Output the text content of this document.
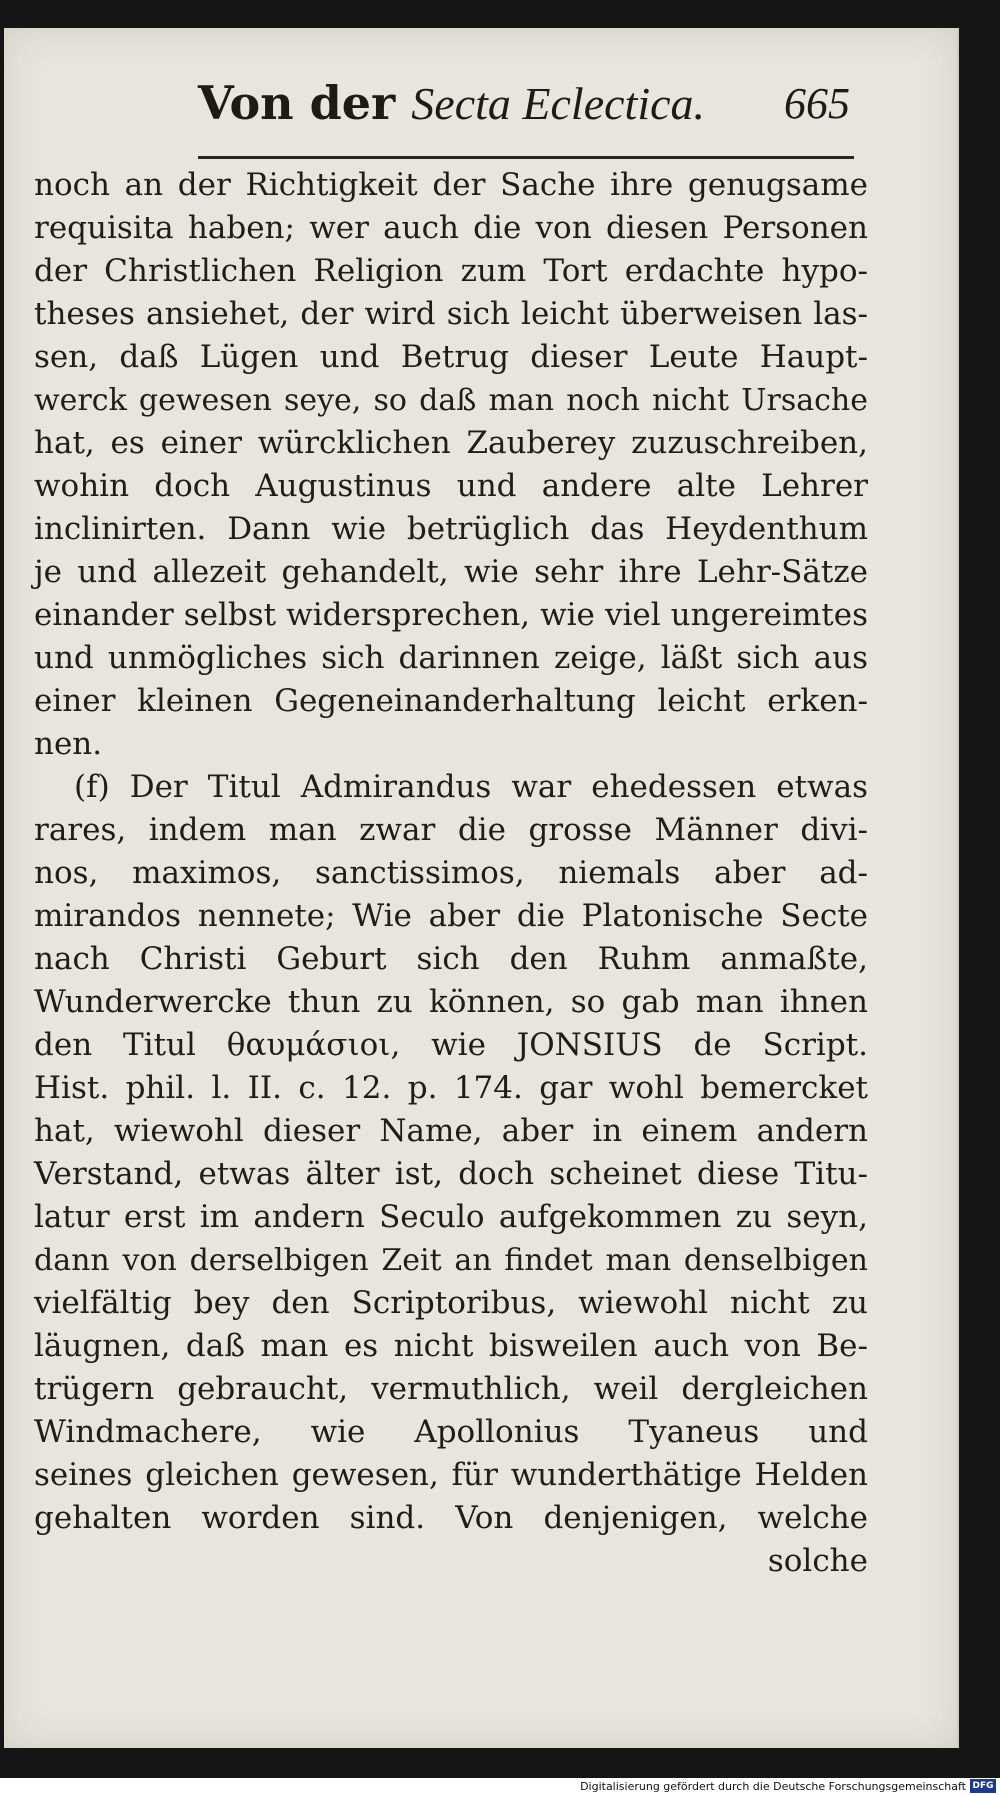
Von der Secta Eclectica. 665
noch an der Richtigkeit der Sache ihre genugsame
requisita haben; wer auch die von diesen Personen
der Christlichen Religion zum Tort erdachte hypo-
theses ansiehet, der wird sich leicht überweisen las-
sen, daß Lügen und Betrug dieser Leute Haupt-
werck gewesen seye, so daß man noch nicht Ursache
hat, es einer würcklichen Zauberey zuzuschreiben,
wohin doch Augustinus und andere alte Lehrer
inclinirten. Dann wie betrüglich das Heydenthum
je und allezeit gehandelt, wie sehr ihre Lehr-Sätze
einander selbst widersprechen, wie viel ungereimtes
und unmögliches sich darinnen zeige, läßt sich aus
einer kleinen Gegeneinanderhaltung leicht erken-
nen.
(f) Der Titul Admirandus war ehedessen etwas
rares, indem man zwar die grosse Männer divi-
nos, maximos, sanctissimos, niemals aber ad-
mirandos nennete; Wie aber die Platonische Secte
nach Christi Geburt sich den Ruhm anmaßte,
Wunderwercke thun zu können, so gab man ihnen
den Titul θαυμάσιοι, wie JONSIUS de Script.
Hist. phil. l. II. c. 12. p. 174. gar wohl bemercket
hat, wiewohl dieser Name, aber in einem andern
Verstand, etwas älter ist, doch scheinet diese Titu-
latur erst im andern Seculo aufgekommen zu seyn,
dann von derselbigen Zeit an findet man denselbigen
vielfältig bey den Scriptoribus, wiewohl nicht zu
läugnen, daß man es nicht bisweilen auch von Be-
trügern gebraucht, vermuthlich, weil dergleichen
Windmachere, wie Apollonius Tyaneus und
seines gleichen gewesen, für wunderthätige Helden
gehalten worden sind. Von denjenigen, welche
solche
Digitalisierung gefördert durch die Deutsche Forschungsgemeinschaft DFG
